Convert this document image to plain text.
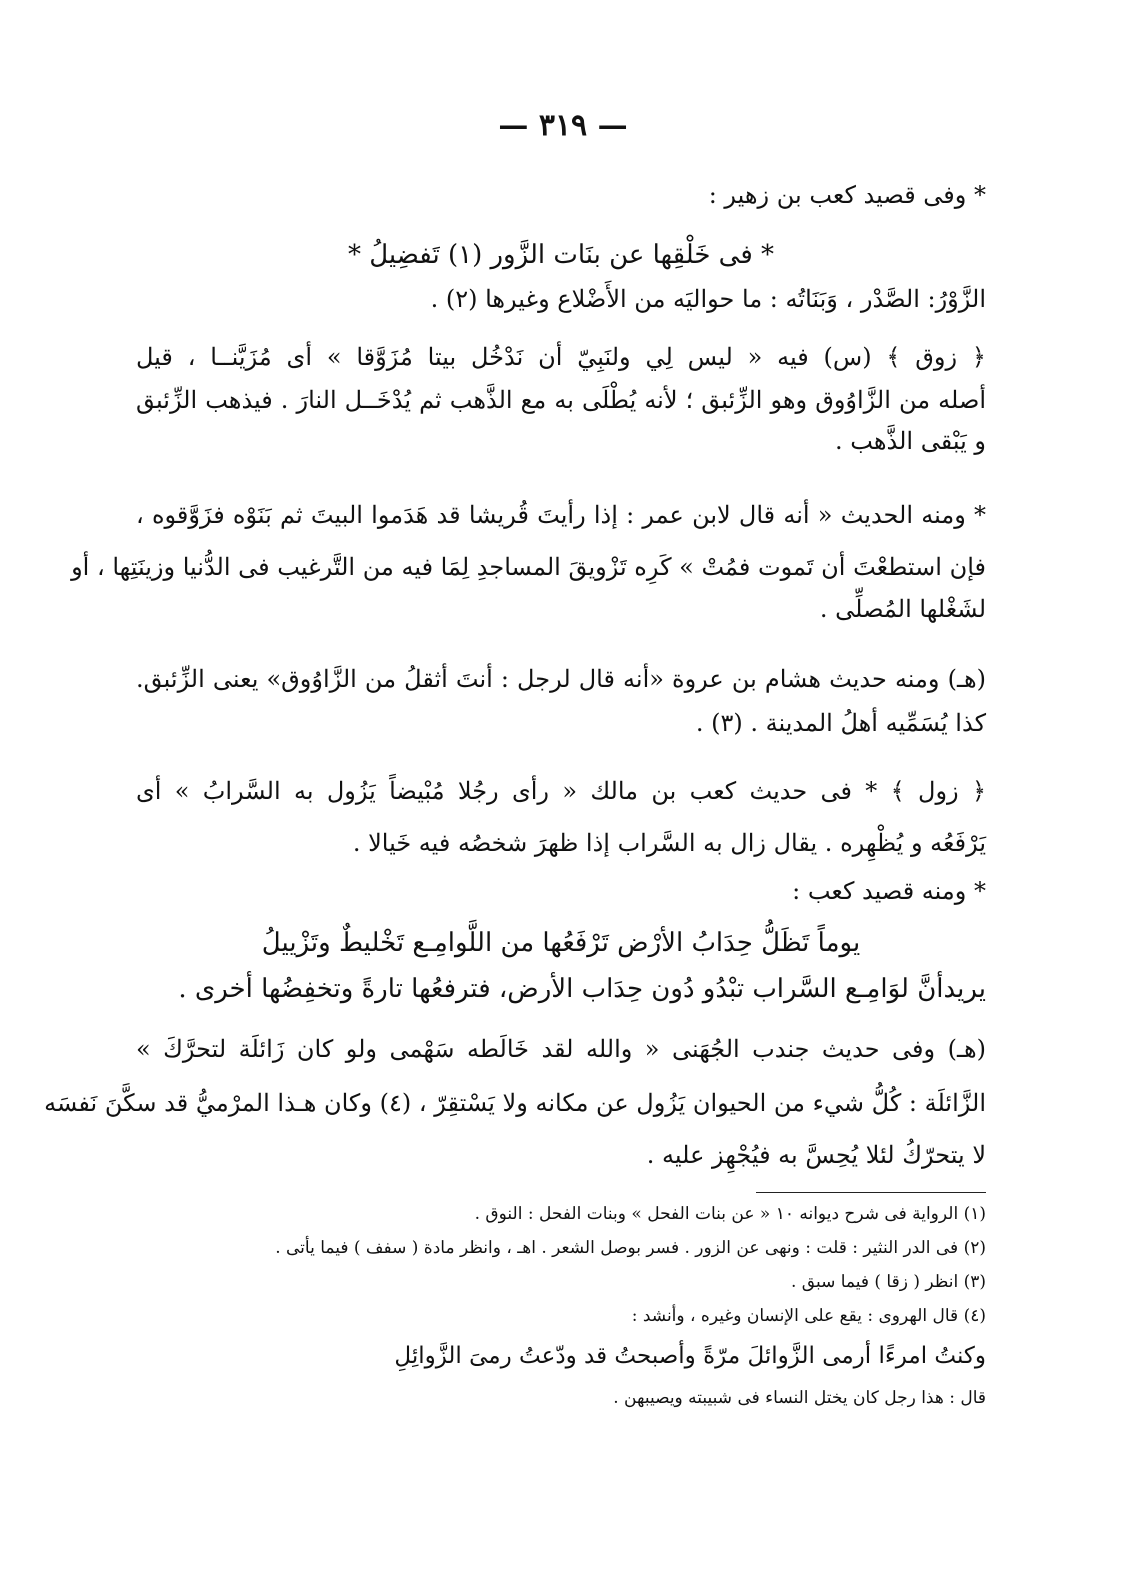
— ٣١٩ —
* وفى قصيد كعب بن زهير :
* فى خَلْقِها عن بنَات الزَّور (١) تَفضِيلُ *
الزَّوْرُ: الصَّدْر ، وَبَنَاتُه : ما حواليَه من الأَضْلاع وغيرها (٢) .
﴿ زوق ﴾ (س) فيه « ليس لِي ولنَبِيّ أن نَدْخُل بيتا مُزَوَّقا » أى مُزَيَّنــا ، قيل
أصله من الزَّاوُوق وهو الزِّئبق ؛ لأنه يُطْلَى به مع الذَّهب ثم يُدْخَــل النارَ . فيذهب الزِّئبق
و يَبْقى الذَّهب .
* ومنه الحديث « أنه قال لابن عمر : إذا رأيتَ قُريشا قد هَدَموا البيتَ ثم بَنَوْه فزَوَّقوه ،
فإن استطعْتَ أن تَموت فمُتْ » كَرِه تَزْويقَ المساجدِ لِمَا فيه من التَّرغيب فى الدُّنيا وزينَتِها ، أو
لشَغْلها المُصلِّى .
(هـ) ومنه حديث هشام بن عروة «أنه قال لرجل : أنتَ أثقلُ من الزَّاوُوق» يعنى الزِّئبق.
كذا يُسَمِّيه أهلُ المدينة . (٣) .
﴿ زول ﴾ * فى حديث كعب بن مالك « رأى رجُلا مُبْيضاً يَزُول به السَّرابُ » أى
يَرْفَعُه و يُظْهِره . يقال زال به السَّراب إذا ظهرَ شخصُه فيه خَيالا .
* ومنه قصيد كعب :
يوماً تَظَلُّ حِدَابُ الأرْض تَرْفَعُها من اللَّوامِـع تَخْليطٌ وتَزْييلُ
يريدأنَّ لوَامِـع السَّراب تبْدُو دُون حِدَاب الأرض، فترفعُها تارةً وتخفِضُها أخرى .
(هـ) وفى حديث جندب الجُهَنى « والله لقد خَالَطه سَهْمى ولو كان زَائلَة لتحرَّكَ »
الزَّائلَة : كُلُّ شيء من الحيوان يَزُول عن مكانه ولا يَسْتقِرّ ، (٤) وكان هـذا المرْميُّ قد سكَّنَ نَفسَه
لا يتحرّكُ لئلا يُحِسَّ به فيُجْهِز عليه .
(١) الرواية فى شرح ديوانه ١٠ « عن بنات الفحل » وبنات الفحل : النوق .
(٢) فى الدر النثير : قلت : ونهى عن الزور . فسر بوصل الشعر . اهـ ، وانظر مادة ( سفف ) فيما يأتى .
(٣) انظر ( زقا ) فيما سبق .
(٤) قال الهروى : يقع على الإنسان وغيره ، وأنشد :
وكنتُ امرءًا أرمى الزَّوائلَ مرّةً وأصبحتُ قد ودّعتُ رمىَ الزَّوائِلِ
قال : هذا رجل كان يختل النساء فى شبيبته ويصيبهن .
